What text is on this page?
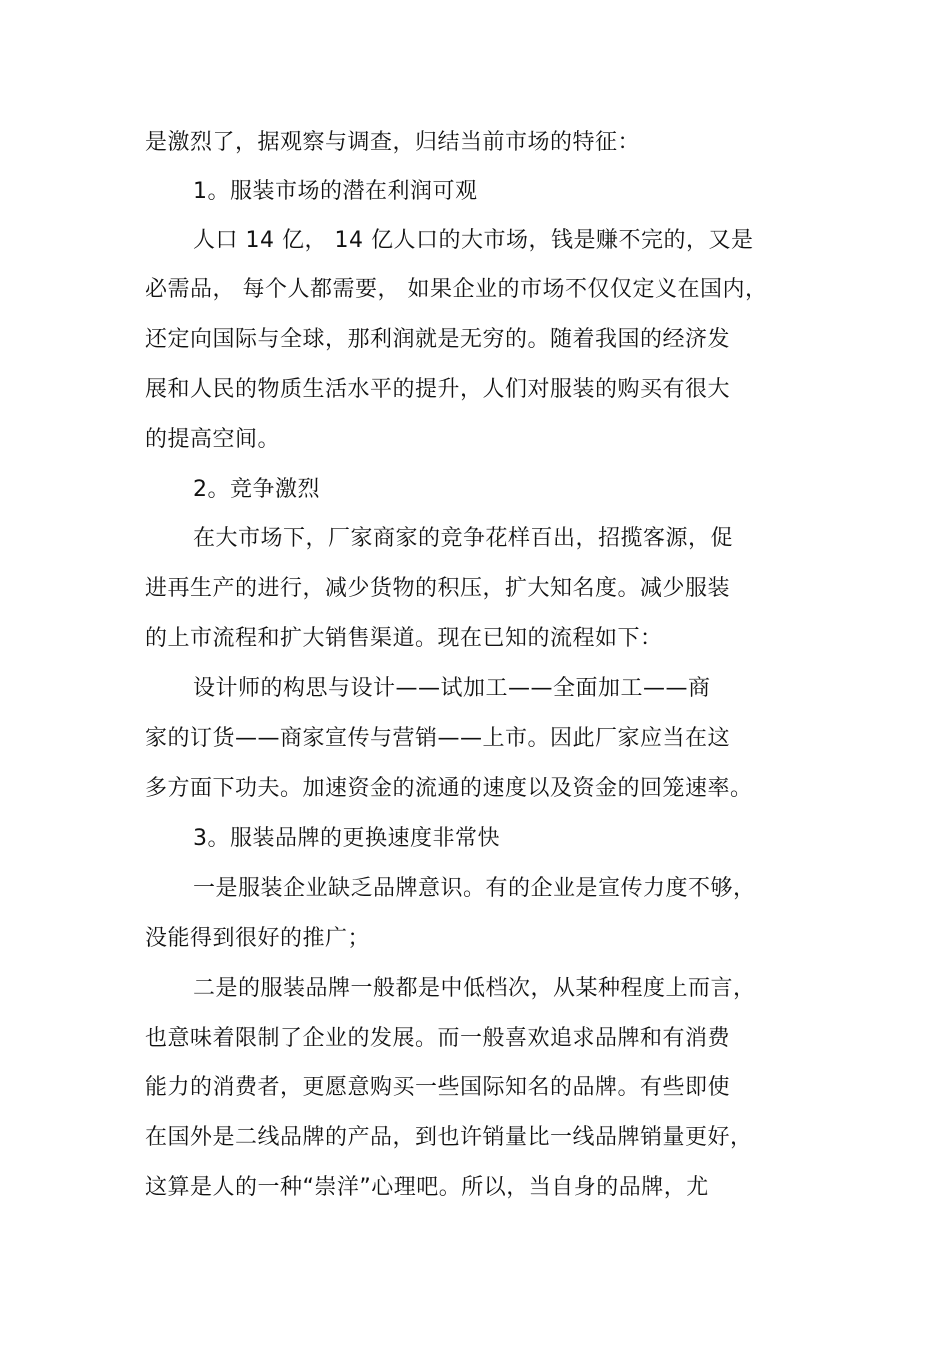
是激烈了，据观察与调查，归结当前市场的特征：
1。服装市场的潜在利润可观
人口 14 亿， 14 亿人口的大市场，钱是赚不完的，又是
必需品， 每个人都需要， 如果企业的市场不仅仅定义在国内，
还定向国际与全球，那利润就是无穷的。随着我国的经济发
展和人民的物质生活水平的提升，人们对服装的购买有很大
的提高空间。
2。竞争激烈
在大市场下，厂家商家的竞争花样百出，招揽客源，促
进再生产的进行，减少货物的积压，扩大知名度。减少服装
的上市流程和扩大销售渠道。现在已知的流程如下：
设计师的构思与设计——试加工——全面加工——商
家的订货——商家宣传与营销——上市。因此厂家应当在这
多方面下功夫。加速资金的流通的速度以及资金的回笼速率。
3。服装品牌的更换速度非常快
一是服装企业缺乏品牌意识。有的企业是宣传力度不够，
没能得到很好的推广；
二是的服装品牌一般都是中低档次，从某种程度上而言，
也意味着限制了企业的发展。而一般喜欢追求品牌和有消费
能力的消费者，更愿意购买一些国际知名的品牌。有些即使
在国外是二线品牌的产品，到也许销量比一线品牌销量更好，
这算是人的一种“崇洋”心理吧。所以，当自身的品牌，尤
